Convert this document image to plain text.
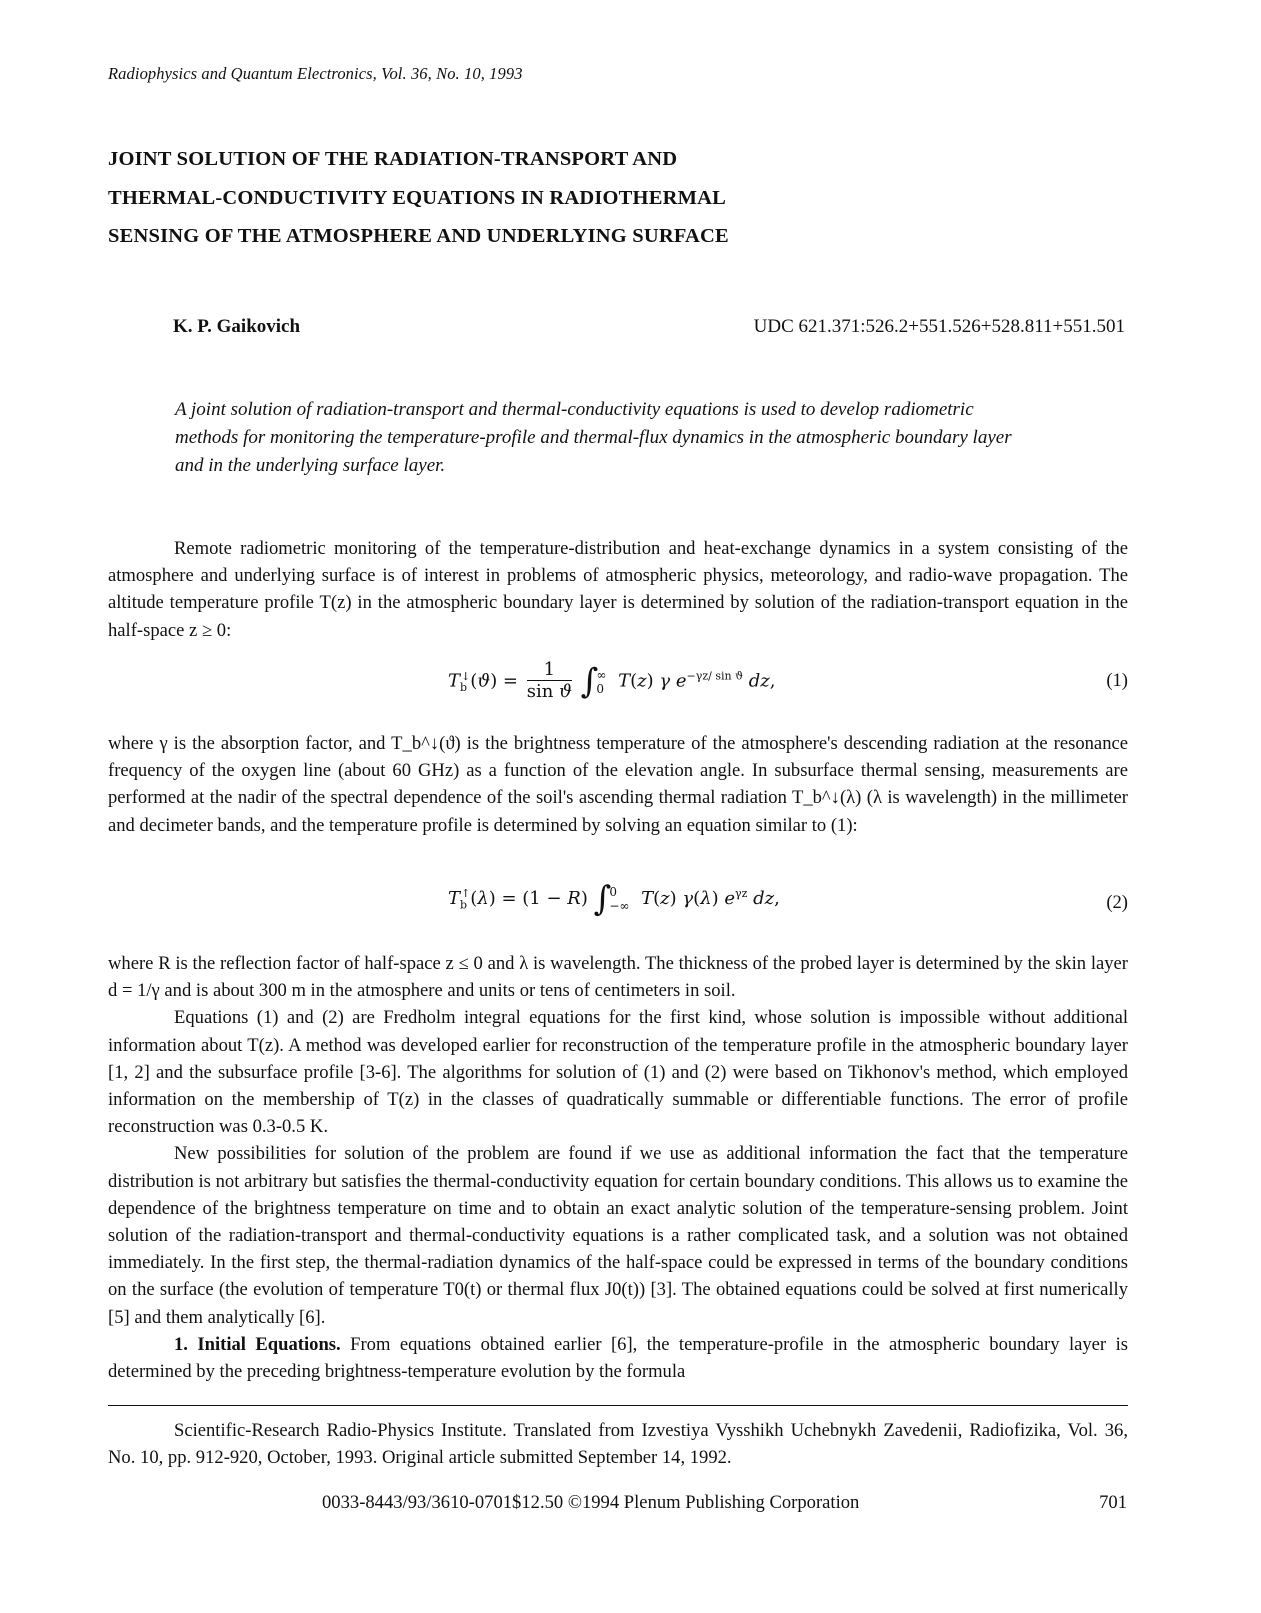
Radiophysics and Quantum Electronics, Vol. 36, No. 10, 1993
JOINT SOLUTION OF THE RADIATION-TRANSPORT AND
THERMAL-CONDUCTIVITY EQUATIONS IN RADIOTHERMAL
SENSING OF THE ATMOSPHERE AND UNDERLYING SURFACE
K. P. Gaikovich	UDC 621.371:526.2+551.526+528.811+551.501
A joint solution of radiation-transport and thermal-conductivity equations is used to develop radiometric
methods for monitoring the temperature-profile and thermal-flux dynamics in the atmospheric boundary layer
and in the underlying surface layer.

Remote radiometric monitoring of the temperature-distribution and heat-exchange dynamics in a system consisting of the atmosphere and underlying surface is of interest in problems of atmospheric physics, meteorology, and radio-wave propagation. The altitude temperature profile T(z) in the atmospheric boundary layer is determined by solution of the radiation-transport equation in the half-space z ≥ 0:

$T_b^↓(ϑ) = \frac{1}{\text{sin ϑ}}$ ∫
∞
0 T(z) γ $e^{-\gamma z/ sin ϑ}$ dz,	(1)

where γ is the absorption factor, and T_b^↓(ϑ) is the brightness temperature of the atmosphere's descending radiation at the resonance frequency of the oxygen line (about 60 GHz) as a function of the elevation angle. In subsurface thermal sensing, measurements are performed at the nadir of the spectral dependence of the soil's ascending thermal radiation T_b^↓(λ) (λ is wavelength) in the millimeter and decimeter bands, and the temperature profile is determined by solving an equation similar to (1):

$T_b^↑(\lambda) = (1 - R)$ ∫
0
−∞ T(z) γ(λ) $e^{\gamma z}$ dz,	(2)

where R is the reflection factor of half-space z ≤ 0 and λ is wavelength. The thickness of the probed layer is determined by the skin layer d = 1/γ and is about 300 m in the atmosphere and units or tens of centimeters in soil.

Equations (1) and (2) are Fredholm integral equations for the first kind, whose solution is impossible without additional information about T(z). A method was developed earlier for reconstruction of the temperature profile in the atmospheric boundary layer [1, 2] and the subsurface profile [3-6]. The algorithms for solution of (1) and (2) were based on Tikhonov's method, which employed information on the membership of T(z) in the classes of quadratically summable or differentiable functions. The error of profile reconstruction was 0.3-0.5 K.

New possibilities for solution of the problem are found if we use as additional information the fact that the temperature distribution is not arbitrary but satisfies the thermal-conductivity equation for certain boundary conditions. This allows us to examine the dependence of the brightness temperature on time and to obtain an exact analytic solution of the temperature-sensing problem. Joint solution of the radiation-transport and thermal-conductivity equations is a rather complicated task, and a solution was not obtained immediately. In the first step, the thermal-radiation dynamics of the half-space could be expressed in terms of the boundary conditions on the surface (the evolution of temperature T0(t) or thermal flux J0(t)) [3]. The obtained equations could be solved at first numerically [5] and them analytically [6].

1. Initial Equations. From equations obtained earlier [6], the temperature-profile in the atmospheric boundary layer is determined by the preceding brightness-temperature evolution by the formula

Scientific-Research Radio-Physics Institute. Translated from Izvestiya Vysshikh Uchebnykh Zavedenii, Radiofizika, Vol. 36, No. 10, pp. 912-920, October, 1993. Original article submitted September 14, 1992.

0033-8443/93/3610-0701$12.50 ©1994 Plenum Publishing Corporation	701
